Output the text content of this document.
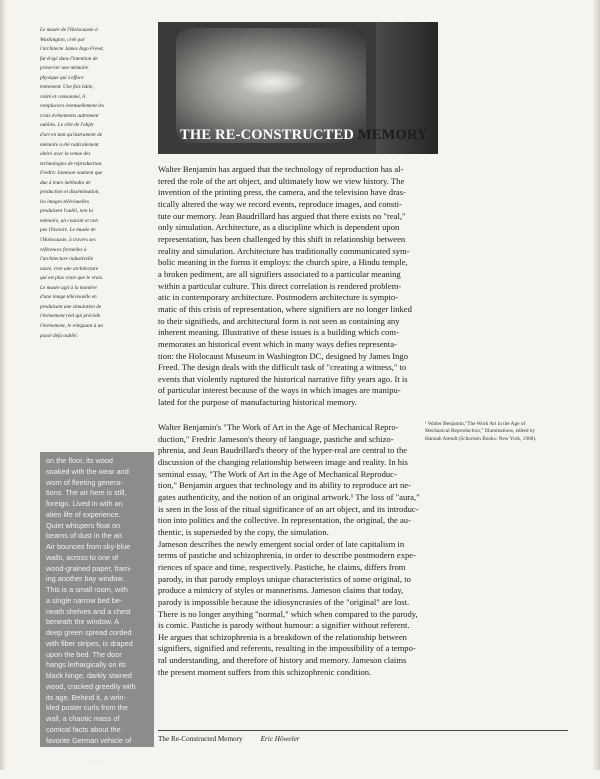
Le musée de l'Holocauste à
Washington, créé par
l'architecte James Ingo Freed,
fut érigé dans l'intention de
préserver une mémoire
physique qui s'efface
lentement. Une fois bâtie,
visité et consommé, il
remplacera éventuellement les
vrais événements autrement
oubliés. Le rôle de l'objet
d'art en tant qu'instrument de
mémoire a été radicalement
altéré avec la venue des
technologies de reproduction.
Fredric Jameson soutient que
due à leurs méthodes de
production et dissémination,
les images télévisuelles
produisent l'oubli, non la
mémoire, un courant et non
pas l'histoire. Le musée de
l'Holocauste, à travers ses
références formelles à
l'architecture industrielle
nazie, crée une architecture
qui est plus vraie que le vrais.
Le musée agit à la manière
d'une image télévisuelle en
produisant une simulation de
l'événement réel qui précède
l'événement, le reléguant à un
passé déjà oublié.
THE RE-CONSTRUCTED MEMORY
Walter Benjamin has argued that the technology of reproduction has al-
tered the role of the art object, and ultimately how we view history. The
invention of the printing press, the camera, and the television have dras-
tically altered the way we record events, reproduce images, and consti-
tute our memory. Jean Baudrillard has argued that there exists no "real,"
only simulation. Architecture, as a discipline which is dependent upon
representation, has been challenged by this shift in relationship between
reality and simulation. Architecture has traditionally communicated sym-
bolic meaning in the forms it employs: the church spire, a Hindu temple,
a broken pediment, are all signifiers associated to a particular meaning
within a particular culture. This direct correlation is rendered problem-
atic in contemporary architecture. Postmodern architecture is sympto-
matic of this crisis of representation, where signifiers are no longer linked
to their signifieds, and architectural form is not seen as containing any
inherent meaning. Illustrative of these issues is a building which com-
memorates an historical event which in many ways defies representa-
tion: the Holocaust Museum in Washington DC, designed by James Ingo
Freed. The design deals with the difficult task of "creating a witness," to
events that violently ruptured the historical narrative fifty years ago. It is
of particular interest because of the ways in which images are manipu-
lated for the purpose of manufacturing historical memory.
Walter Benjamin's "The Work of Art in the Age of Mechanical Repro-
duction," Fredric Jameson's theory of language, pastiche and schizo-
phrenia, and Jean Baudrillard's theory of the hyper-real are central to the
discussion of the changing relationship between image and reality. In his
seminal essay, "The Work of Art in the Age of Mechanical Reproduc-
tion," Benjamin argues that technology and its ability to reproduce art ne-
gates authenticity, and the notion of an original artwork.¹ The loss of "aura,"
is seen in the loss of the ritual significance of an art object, and its introduc-
tion into politics and the collective. In representation, the original, the au-
thentic, is superseded by the copy, the simulation.
Jameson describes the newly emergent social order of late capitalism in
terms of pastiche and schizophrenia, in order to describe postmodern expe-
riences of space and time, respectively. Pastiche, he claims, differs from
parody, in that parody employs unique characteristics of some original, to
produce a mimicry of styles or mannerisms. Jameson claims that today,
parody is impossible because the idiosyncrasies of the "original" are lost.
There is no longer anything "normal," which when compared to the parody,
is comic. Pastiche is parody without humour: a signifier without referent.
He argues that schizophrenia is a breakdown of the relationship between
signifiers, signified and referents, resulting in the impossibility of a tempo-
ral understanding, and therefore of history and memory. Jameson claims
the present moment suffers from this schizophrenic condition.
on the floor, its wood
soaked with the wear and
worn of fleeting genera-
tions. The air here is still,
foreign. Lived in with an
alien life of experience.
Quiet whispers float on
beams of dust in the air.
Air bounces from sky-blue
walls, across to one of
wood-grained paper, fram-
ing another bay window.
This is a small room, with
a single narrow bed be-
neath shelves and a chest
beneath the window. A
deep green spread corded
with fiber stripes, is draped
upon the bed. The door
hangs lethargically on its
black hinge, darkly stained
wood, cracked greedily with
its age. Behind it, a wrin-
kled poster curls from the
wall, a chaotic mass of
comical facts about the
favorite German vehicle of
its day. Colourful and smil-
ing, it is yet hidden from
the room by the open
¹ Walter Benjamin,"The Work Art in the Age of
Mechanical Reproduction," Illuminations, edited by
Hannah Arendt (Schocken Books: New York, 1968).
The Re-Constructed Memory	Eric Höweler
